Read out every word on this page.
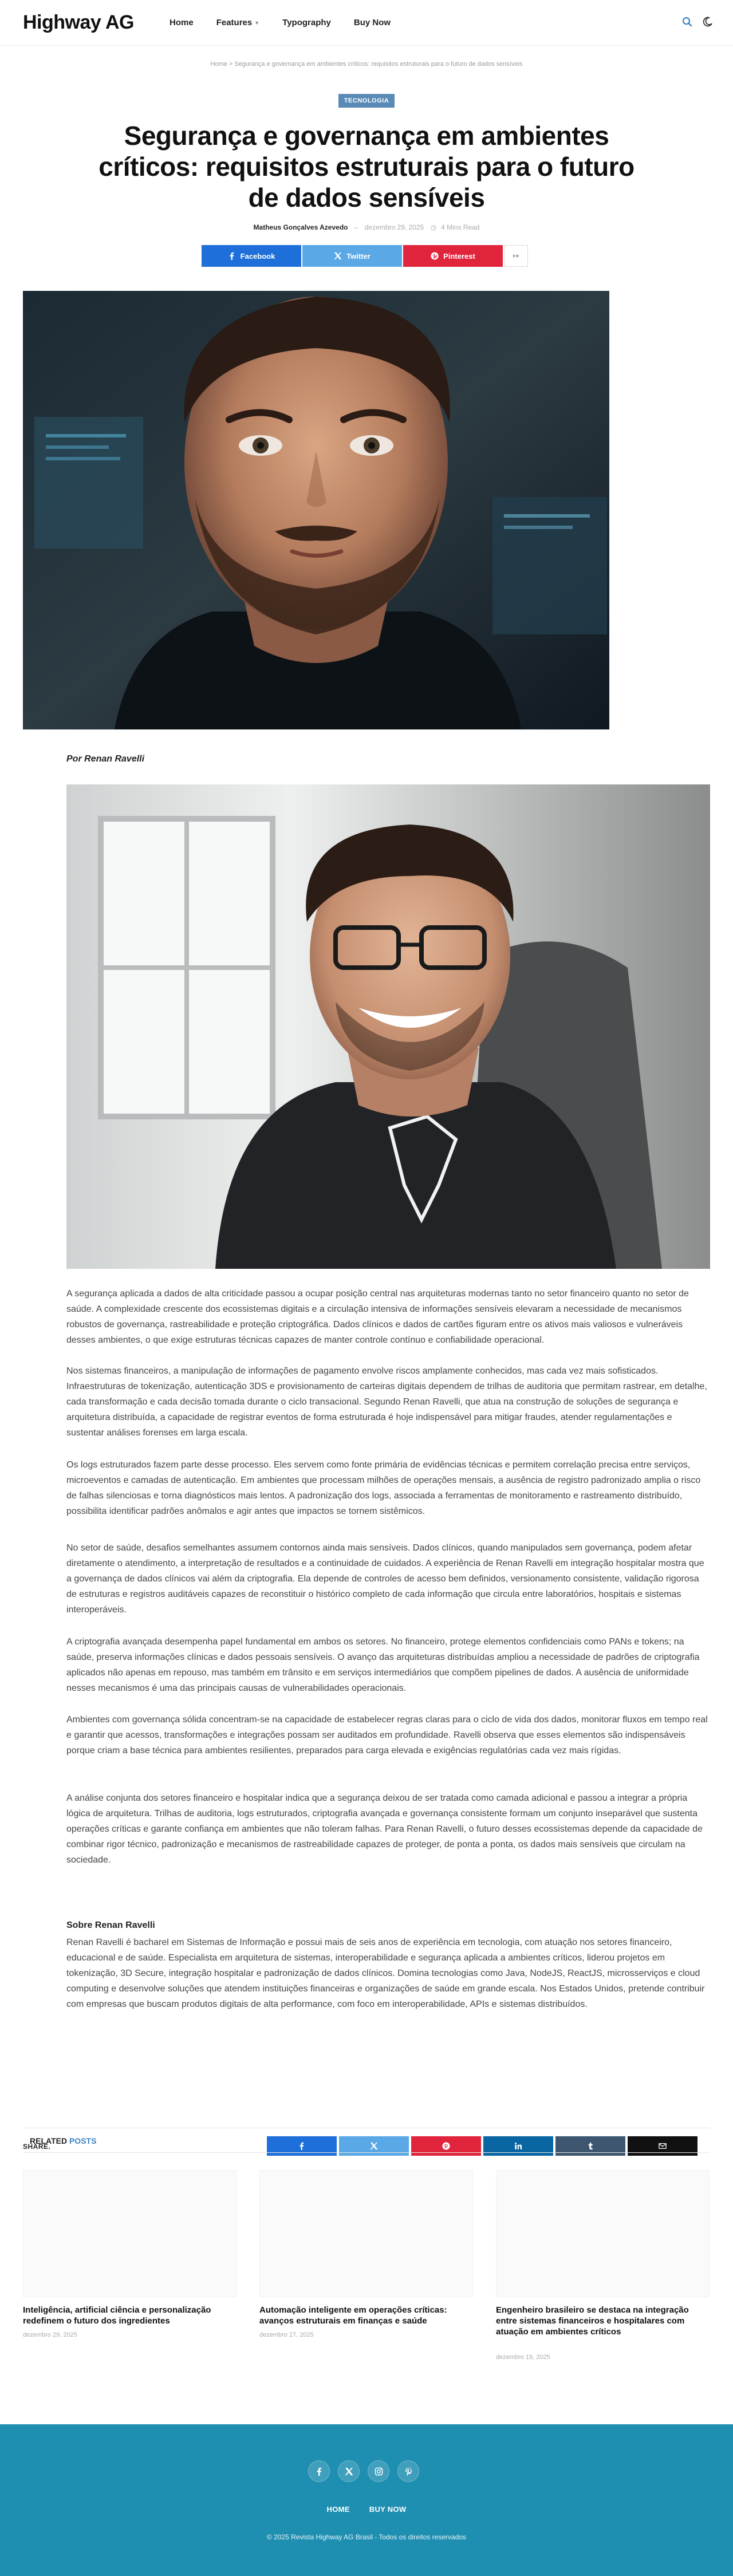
Highway AG	Home	Features ▼	Typography	Buy Now
Home > Segurança e governança em ambientes críticos: requisitos estruturais para o futuro de dados sensíveis
TECNOLOGIA
Segurança e governança em ambientes críticos: requisitos estruturais para o futuro de dados sensíveis
Matheus Gonçalves Azevedo – dezembro 29, 2025 ◷ 4 Mins Read
Facebook	Twitter	Pinterest	↦
Por Renan Ravelli

A segurança aplicada a dados de alta criticidade passou a ocupar posição central nas arquiteturas modernas tanto no setor financeiro quanto no setor de saúde. A complexidade crescente dos ecossistemas digitais e a circulação intensiva de informações sensíveis elevaram a necessidade de mecanismos robustos de governança, rastreabilidade e proteção criptográfica. Dados clínicos e dados de cartões figuram entre os ativos mais valiosos e vulneráveis desses ambientes, o que exige estruturas técnicas capazes de manter controle contínuo e confiabilidade operacional.

Nos sistemas financeiros, a manipulação de informações de pagamento envolve riscos amplamente conhecidos, mas cada vez mais sofisticados. Infraestruturas de tokenização, autenticação 3DS e provisionamento de carteiras digitais dependem de trilhas de auditoria que permitam rastrear, em detalhe, cada transformação e cada decisão tomada durante o ciclo transacional. Segundo Renan Ravelli, que atua na construção de soluções de segurança e arquitetura distribuída, a capacidade de registrar eventos de forma estruturada é hoje indispensável para mitigar fraudes, atender regulamentações e sustentar análises forenses em larga escala.

Os logs estruturados fazem parte desse processo. Eles servem como fonte primária de evidências técnicas e permitem correlação precisa entre serviços, microeventos e camadas de autenticação. Em ambientes que processam milhões de operações mensais, a ausência de registro padronizado amplia o risco de falhas silenciosas e torna diagnósticos mais lentos. A padronização dos logs, associada a ferramentas de monitoramento e rastreamento distribuído, possibilita identificar padrões anômalos e agir antes que impactos se tornem sistêmicos.

No setor de saúde, desafios semelhantes assumem contornos ainda mais sensíveis. Dados clínicos, quando manipulados sem governança, podem afetar diretamente o atendimento, a interpretação de resultados e a continuidade de cuidados. A experiência de Renan Ravelli em integração hospitalar mostra que a governança de dados clínicos vai além da criptografia. Ela depende de controles de acesso bem definidos, versionamento consistente, validação rigorosa de estruturas e registros auditáveis capazes de reconstituir o histórico completo de cada informação que circula entre laboratórios, hospitais e sistemas interoperáveis.

A criptografia avançada desempenha papel fundamental em ambos os setores. No financeiro, protege elementos confidenciais como PANs e tokens; na saúde, preserva informações clínicas e dados pessoais sensíveis. O avanço das arquiteturas distribuídas ampliou a necessidade de padrões de criptografia aplicados não apenas em repouso, mas também em trânsito e em serviços intermediários que compõem pipelines de dados. A ausência de uniformidade nesses mecanismos é uma das principais causas de vulnerabilidades operacionais.

Ambientes com governança sólida concentram-se na capacidade de estabelecer regras claras para o ciclo de vida dos dados, monitorar fluxos em tempo real e garantir que acessos, transformações e integrações possam ser auditados em profundidade. Ravelli observa que esses elementos são indispensáveis porque criam a base técnica para ambientes resilientes, preparados para carga elevada e exigências regulatórias cada vez mais rígidas.

A análise conjunta dos setores financeiro e hospitalar indica que a segurança deixou de ser tratada como camada adicional e passou a integrar a própria lógica de arquitetura. Trilhas de auditoria, logs estruturados, criptografia avançada e governança consistente formam um conjunto inseparável que sustenta operações críticas e garante confiança em ambientes que não toleram falhas. Para Renan Ravelli, o futuro desses ecossistemas depende da capacidade de combinar rigor técnico, padronização e mecanismos de rastreabilidade capazes de proteger, de ponta a ponta, os dados mais sensíveis que circulam na sociedade.

Sobre Renan Ravelli

Renan Ravelli é bacharel em Sistemas de Informação e possui mais de seis anos de experiência em tecnologia, com atuação nos setores financeiro, educacional e de saúde. Especialista em arquitetura de sistemas, interoperabilidade e segurança aplicada a ambientes críticos, liderou projetos em tokenização, 3D Secure, integração hospitalar e padronização de dados clínicos. Domina tecnologias como Java, NodeJS, ReactJS, microsserviços e cloud computing e desenvolve soluções que atendem instituições financeiras e organizações de saúde em grande escala. Nos Estados Unidos, pretende contribuir com empresas que buscam produtos digitais de alta performance, com foco em interoperabilidade, APIs e sistemas distribuídos.

SHARE.
RELATED POSTS
Inteligência, artificial ciência e personalização redefinem o futuro dos ingredientes
dezembro 29, 2025
Automação inteligente em operações críticas: avanços estruturais em finanças e saúde
dezembro 27, 2025
Engenheiro brasileiro se destaca na integração entre sistemas financeiros e hospitalares com atuação em ambientes críticos
dezembro 19, 2025
HOME	BUY NOW
© 2025 Revista Highway AG Brasil - Todos os direitos reservados
